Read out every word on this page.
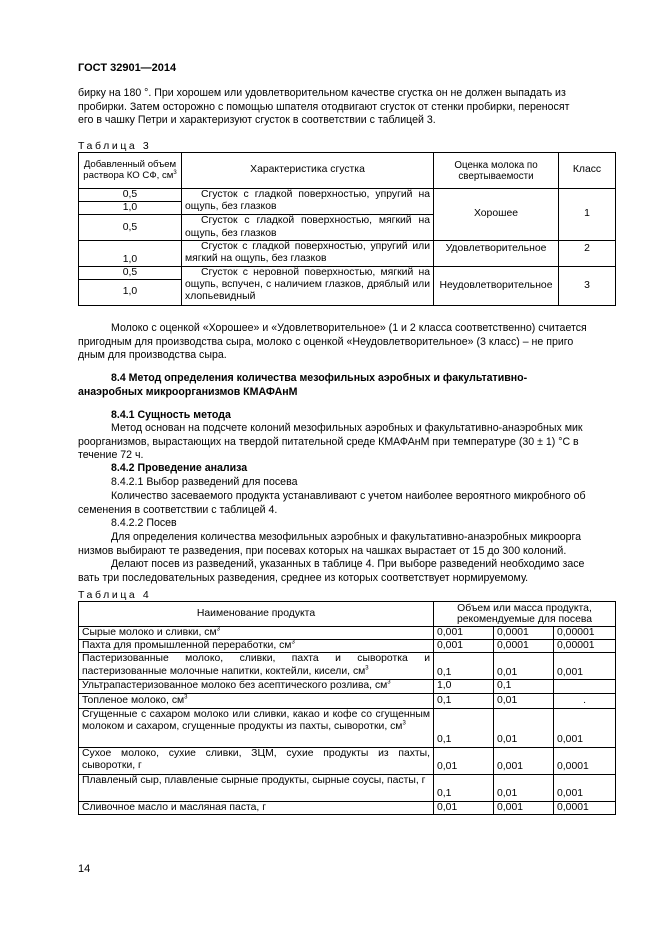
ГОСТ 32901—2014

бирку на 180 °. При хорошем или удовлетворительном качестве сгустка он не должен выпадать из
пробирки. Затем осторожно с помощью шпателя отодвигают сгусток от стенки пробирки, переносят
его в чашку Петри и характеризуют сгусток в соответствии с таблицей 3.

Таблица 3
Добавленный объем раствора КО СФ, $см^3$	Характеристика сгустка	Оценка молока по свертываемости	Класс
0,5	Сгусток с гладкой поверхностью, упругий на ощупь, без глазков	Хорошее	1
1,0			
0,5	Сгусток с гладкой поверхностью, мягкий на ощупь, без глазков		
1,0	Сгусток с гладкой поверхностью, упругий или мягкий на ощупь, без глазков	Удовлетворительное	2
0,5	Сгусток с неровной поверхностью, мягкий на ощупь, вспучен, с наличием глазков, дряблый или хлопьевидный	Неудовлетворительное	3
1,0			

Молоко с оценкой «Хорошее» и «Удовлетворительное» (1 и 2 класса соответственно) считается
пригодным для производства сыра, молоко с оценкой «Неудовлетворительное» (3 класс) – не приго
дным для производства сыра.

8.4 Метод определения количества мезофильных аэробных и факультативно-
анаэробных микроорганизмов КМАФАнМ

8.4.1 Сущность метода

Метод основан на подсчете колоний мезофильных аэробных и факультативно-анаэробных мик
роорганизмов, вырастающих на твердой питательной среде КМАФАнМ при температуре (30 ± 1) °С в
течение 72 ч.

8.4.2 Проведение анализа
8.4.2.1 Выбор разведений для посева

Количество засеваемого продукта устанавливают с учетом наиболее вероятного микробного об
семенения в соответствии с таблицей 4.

8.4.2.2 Посев

Для определения количества мезофильных аэробных и факультативно-анаэробных микроорга
низмов выбирают те разведения, при посевах которых на чашках вырастает от 15 до 300 колоний.

Делают посев из разведений, указанных в таблице 4. При выборе разведений необходимо засе
вать три последовательных разведения, среднее из которых соответствует нормируемому.

Таблица 4
Наименование продукта	Объем или масса продукта, рекомендуемые для посева		
Сырые молоко и сливки, $см^3$	0,001	0,0001	0,00001
Пахта для промышленной переработки, $см^3$	0,001	0,0001	0,00001
Пастеризованные молоко, сливки, пахта и сыворотка и пастеризованные молочные напитки, коктейли, кисели, $см^3$	0,1	0,01	0,001
Ультрапастеризованное молоко без асептического розлива, $см^3$	1,0	0,1	
Топленое молоко, $см^3$	0,1	0,01	.
Сгущенные с сахаром молоко или сливки, какао и кофе со сгущенным молоком и сахаром, сгущенные продукты из пахты, сыворотки, $см^3$	0,1	0,01	0,001
Сухое молоко, сухие сливки, ЗЦМ, сухие продукты из пахты, сыворотки, г	0,01	0,001	0,0001
Плавленый сыр, плавленые сырные продукты, сырные соусы, пасты, г	0,1	0,01	0,001
Сливочное масло и масляная паста, г	0,01	0,001	0,0001
14
